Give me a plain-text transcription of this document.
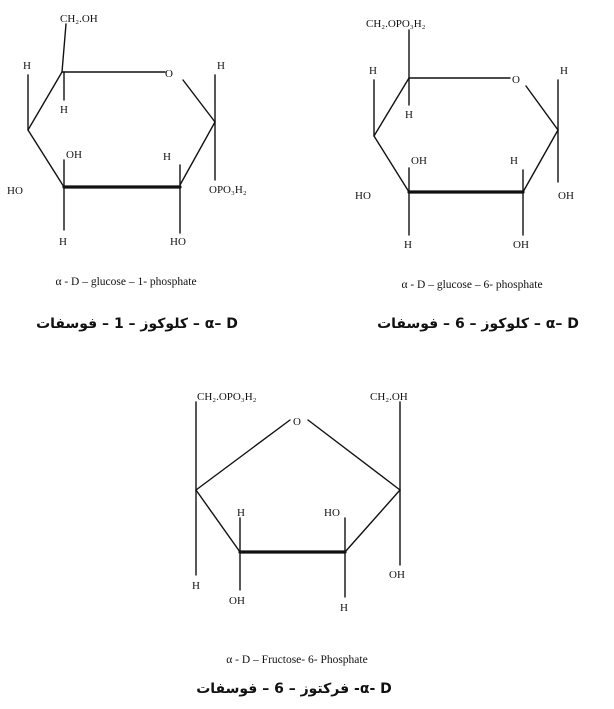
CH₂.OH
O
H
H
H
OH	H
HO	OPO₃H₂
H	HO
α - D – glucose – 1- phosphate
α– D – كلوكوز – 1 – فوسفات
CH₂.OPO₃H₂
O
H
H
H
OH	H
HO	OH
H	OH
α - D – glucose – 6- phosphate
α– D – كلوكوز – 6 – فوسفات
CH₂.OPO₃H₂	CH₂.OH
O
H	HO
H
OH
H
OH
α - D – Fructose- 6- Phosphate
α- D- فركتوز – 6 – فوسفات
